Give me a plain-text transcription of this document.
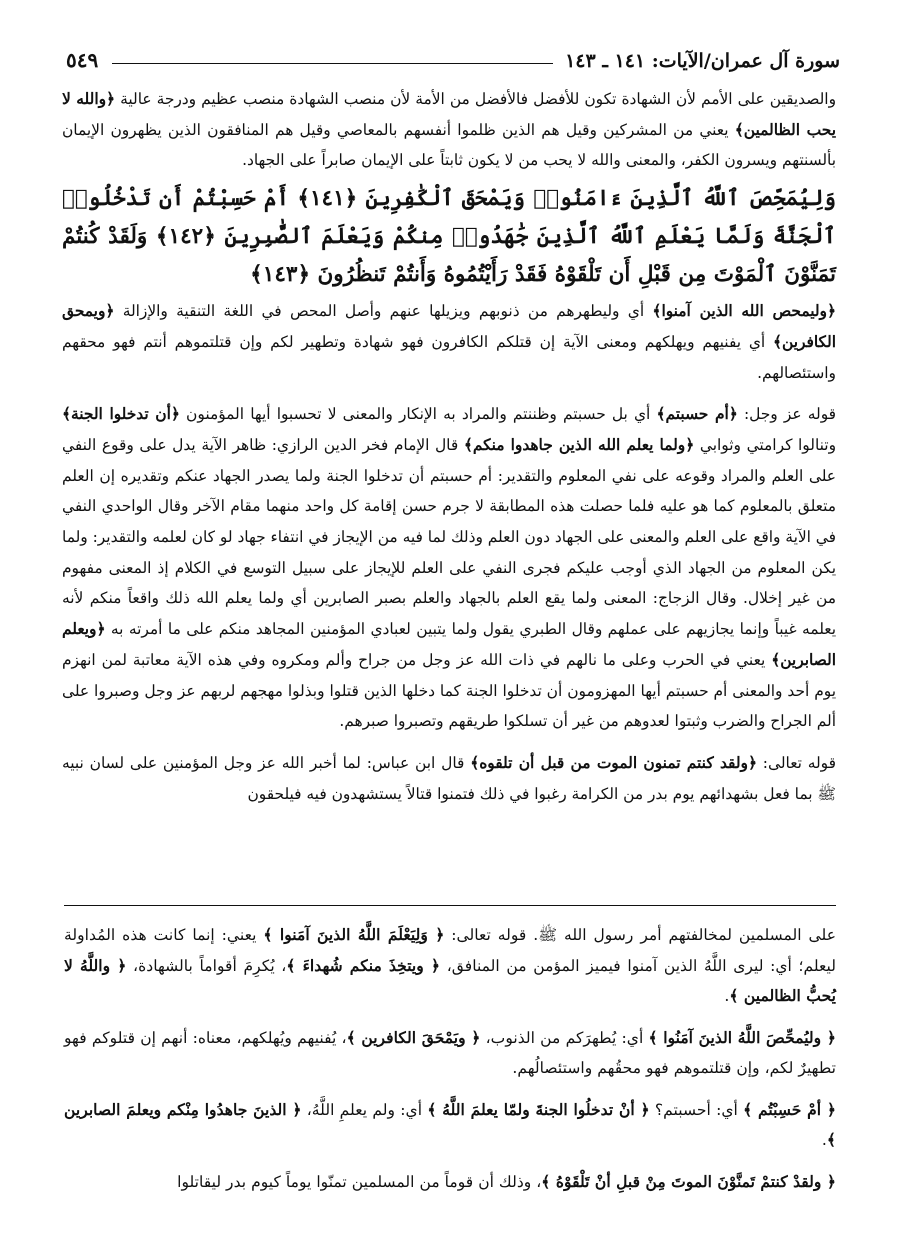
سورة آل عمران/الآيات: ١٤١ ـ ١٤٣
٥٤٩

والصديقين على الأمم لأن الشهادة تكون للأفضل فالأفضل من الأمة لأن منصب الشهادة منصب عظيم ودرجة عالية ﴿والله لا يحب الظالمين﴾ يعني من المشركين وقيل هم الذين ظلموا أنفسهم بالمعاصي وقيل هم المنافقون الذين يظهرون الإيمان بألسنتهم ويسرون الكفر، والمعنى والله لا يحب من لا يكون ثابتاً على الإيمان صابراً على الجهاد.

وَلِيُمَحِّصَ ٱللَّهُ ٱلَّذِينَ ءَامَنُوا۟ وَيَمْحَقَ ٱلْكَٰفِرِينَ ﴿١٤١﴾ أَمْ حَسِبْتُمْ أَن تَدْخُلُوا۟ ٱلْجَنَّةَ وَلَمَّا يَعْلَمِ ٱللَّهُ ٱلَّذِينَ جَٰهَدُوا۟ مِنكُمْ وَيَعْلَمَ ٱلصَّٰبِرِينَ ﴿١٤٢﴾ وَلَقَدْ كُنتُمْ تَمَنَّوْنَ ٱلْمَوْتَ مِن قَبْلِ أَن تَلْقَوْهُ فَقَدْ رَأَيْتُمُوهُ وَأَنتُمْ تَنظُرُونَ ﴿١٤٣﴾

﴿وليمحص الله الذين آمنوا﴾ أي وليطهرهم من ذنوبهم ويزيلها عنهم وأصل المحص في اللغة التنقية والإزالة ﴿ويمحق الكافرين﴾ أي يفنيهم ويهلكهم ومعنى الآية إن قتلكم الكافرون فهو شهادة وتطهير لكم وإن قتلتموهم أنتم فهو محقهم واستئصالهم.

قوله عز وجل: ﴿أم حسبتم﴾ أي بل حسبتم وظننتم والمراد به الإنكار والمعنى لا تحسبوا أيها المؤمنون ﴿أن تدخلوا الجنة﴾ وتنالوا كرامتي وثوابي ﴿ولما يعلم الله الذين جاهدوا منكم﴾ قال الإمام فخر الدين الرازي: ظاهر الآية يدل على وقوع النفي على العلم والمراد وقوعه على نفي المعلوم والتقدير: أم حسبتم أن تدخلوا الجنة ولما يصدر الجهاد عنكم وتقديره إن العلم متعلق بالمعلوم كما هو عليه فلما حصلت هذه المطابقة لا جرم حسن إقامة كل واحد منهما مقام الآخر وقال الواحدي النفي في الآية واقع على العلم والمعنى على الجهاد دون العلم وذلك لما فيه من الإيجاز في انتفاء جهاد لو كان لعلمه والتقدير: ولما يكن المعلوم من الجهاد الذي أوجب عليكم فجرى النفي على العلم للإيجاز على سبيل التوسع في الكلام إذ المعنى مفهوم من غير إخلال. وقال الزجاج: المعنى ولما يقع العلم بالجهاد والعلم بصبر الصابرين أي ولما يعلم الله ذلك واقعاً منكم لأنه يعلمه غيباً وإنما يجازيهم على عملهم وقال الطبري يقول ولما يتبين لعبادي المؤمنين المجاهد منكم على ما أمرته به ﴿ويعلم الصابرين﴾ يعني في الحرب وعلى ما نالهم في ذات الله عز وجل من جراح وألم ومكروه وفي هذه الآية معاتبة لمن انهزم يوم أحد والمعنى أم حسبتم أيها المهزومون أن تدخلوا الجنة كما دخلها الذين قتلوا وبذلوا مهجهم لربهم عز وجل وصبروا على ألم الجراح والضرب وثبتوا لعدوهم من غير أن تسلكوا طريقهم وتصبروا صبرهم.

قوله تعالى: ﴿ولقد كنتم تمنون الموت من قبل أن تلقوه﴾ قال ابن عباس: لما أخبر الله عز وجل المؤمنين على لسان نبيه ﷺ بما فعل بشهدائهم يوم بدر من الكرامة رغبوا في ذلك فتمنوا قتالاً يستشهدون فيه فيلحقون

على المسلمين لمخالفتهم أمر رسول الله ﷺ. قوله تعالى: ﴿ وَلِيَعْلَمَ اللَّهُ الذينَ آمَنوا ﴾ يعني: إنما كانت هذه المُداولة ليعلم؛ أي: ليرى اللَّهُ الذين آمنوا فيميز المؤمن من المنافق، ﴿ ويتخِذَ منكم شُهداءَ ﴾، يُكرِمَ أقواماً بالشهادة، ﴿ واللَّهُ لا يُحبُّ الظالمين ﴾.

﴿ وليُمحِّصَ اللَّهُ الذينَ آمَنُوا ﴾ أي: يُطهرَكم من الذنوب، ﴿ ويَمْحَقَ الكافرين ﴾، يُفنيهم ويُهلكهم، معناه: أنهم إن قتلوكم فهو تطهيرٌ لكم، وإن قتلتموهم فهو محقُهم واستئصالُهم.

﴿ أمْ حَسِبْتُم ﴾ أي: أحسبتم؟ ﴿ أنْ تدخلُوا الجنةَ ولمّا يعلمَ اللَّهُ ﴾ أي: ولم يعلمِ اللَّهُ، ﴿ الذينَ جاهدُوا مِنْكم ويعلمَ الصابرين ﴾.

﴿ ولقدْ كنتمْ تَمنَّوْنَ الموتَ مِنْ قبلِ أنْ تَلْقَوْهُ ﴾، وذلك أن قوماً من المسلمين تمنّوا يوماً كيوم بدر ليقاتلوا
